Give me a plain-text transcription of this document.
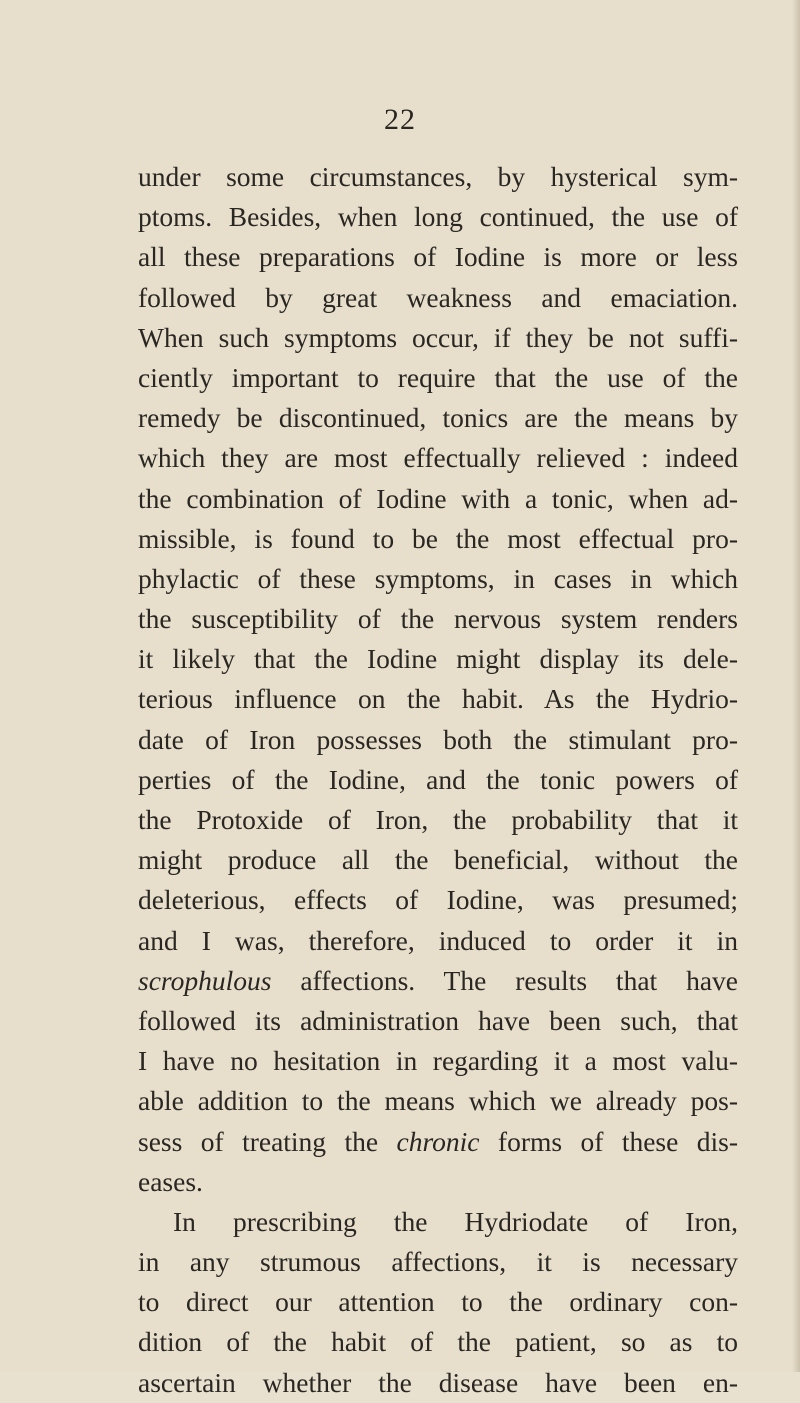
22
under some circumstances, by hysterical sym-
ptoms. Besides, when long continued, the use of
all these preparations of Iodine is more or less
followed by great weakness and emaciation.
When such symptoms occur, if they be not suffi-
ciently important to require that the use of the
remedy be discontinued, tonics are the means by
which they are most effectually relieved : indeed
the combination of Iodine with a tonic, when ad-
missible, is found to be the most effectual pro-
phylactic of these symptoms, in cases in which
the susceptibility of the nervous system renders
it likely that the Iodine might display its dele-
terious influence on the habit. As the Hydrio-
date of Iron possesses both the stimulant pro-
perties of the Iodine, and the tonic powers of
the Protoxide of Iron, the probability that it
might produce all the beneficial, without the
deleterious, effects of Iodine, was presumed;
and I was, therefore, induced to order it in
scrophulous affections. The results that have
followed its administration have been such, that
I have no hesitation in regarding it a most valu-
able addition to the means which we already pos-
sess of treating the chronic forms of these dis-
eases.
In prescribing the Hydriodate of Iron,
in any strumous affections, it is necessary
to direct our attention to the ordinary con-
dition of the habit of the patient, so as to
ascertain whether the disease have been en-
